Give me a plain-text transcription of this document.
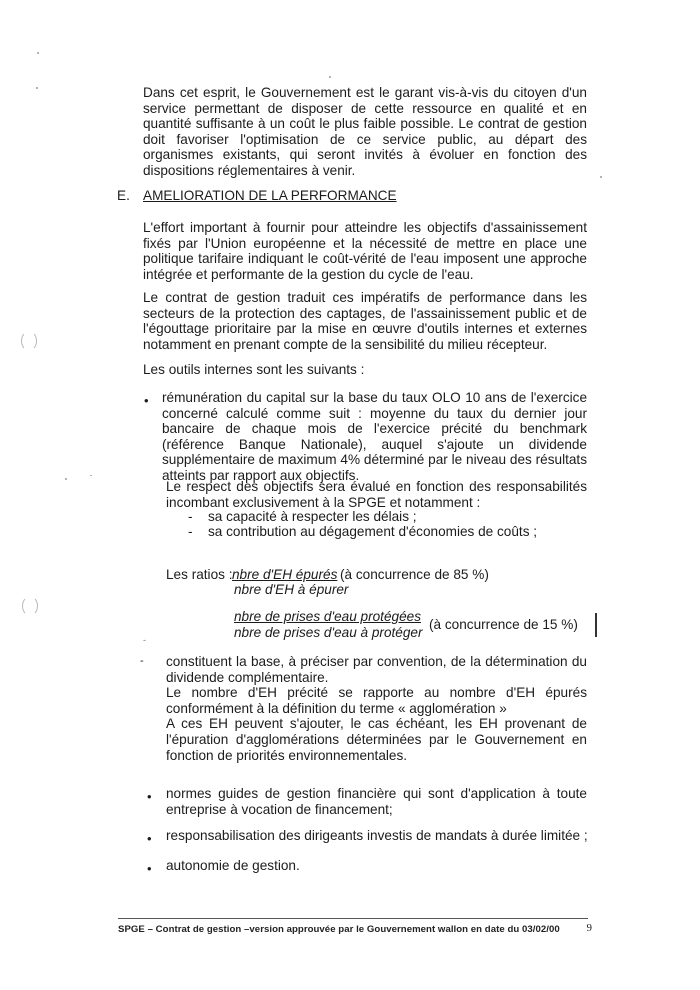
Dans cet esprit, le Gouvernement est le garant vis-à-vis du citoyen d'un service permettant de disposer de cette ressource en qualité et en quantité suffisante à un coût le plus faible possible. Le contrat de gestion doit favoriser l'optimisation de ce service public, au départ des organismes existants, qui seront invités à évoluer en fonction des dispositions réglementaires à venir.

E. AMELIORATION DE LA PERFORMANCE

L'effort important à fournir pour atteindre les objectifs d'assainissement fixés par l'Union européenne et la nécessité de mettre en place une politique tarifaire indiquant le coût-vérité de l'eau imposent une approche intégrée et performante de la gestion du cycle de l'eau.

Le contrat de gestion traduit ces impératifs de performance dans les secteurs de la protection des captages, de l'assainissement public et de l'égouttage prioritaire par la mise en œuvre d'outils internes et externes notamment en prenant compte de la sensibilité du milieu récepteur.

Les outils internes sont les suivants :

• rémunération du capital sur la base du taux OLO 10 ans de l'exercice concerné calculé comme suit : moyenne du taux du dernier jour bancaire de chaque mois de l'exercice précité du benchmark (référence Banque Nationale), auquel s'ajoute un dividende supplémentaire de maximum 4% déterminé par le niveau des résultats atteints par rapport aux objectifs.

Le respect des objectifs sera évalué en fonction des responsabilités incombant exclusivement à la SPGE et notamment :

- sa capacité à respecter les délais ;
- sa contribution au dégagement d'économies de coûts ;
Les ratios : nbre d'EH épurés (à concurrence de 85 %)
nbre d'EH à épurer
nbre de prises d'eau protégées
(à concurrence de 15 %)
nbre de prises d'eau à protéger
-
- constituent la base, à préciser par convention, de la détermination du dividende complémentaire.

Le nombre d'EH précité se rapporte au nombre d'EH épurés conformément à la définition du terme « agglomération »

A ces EH peuvent s'ajouter, le cas échéant, les EH provenant de l'épuration d'agglomérations déterminées par le Gouvernement en fonction de priorités environnementales.

• normes guides de gestion financière qui sont d'application à toute entreprise à vocation de financement;

• responsabilisation des dirigeants investis de mandats à durée limitée ;

• autonomie de gestion.

SPGE – Contrat de gestion –version approuvée par le Gouvernement wallon en date du 03/02/00 9
